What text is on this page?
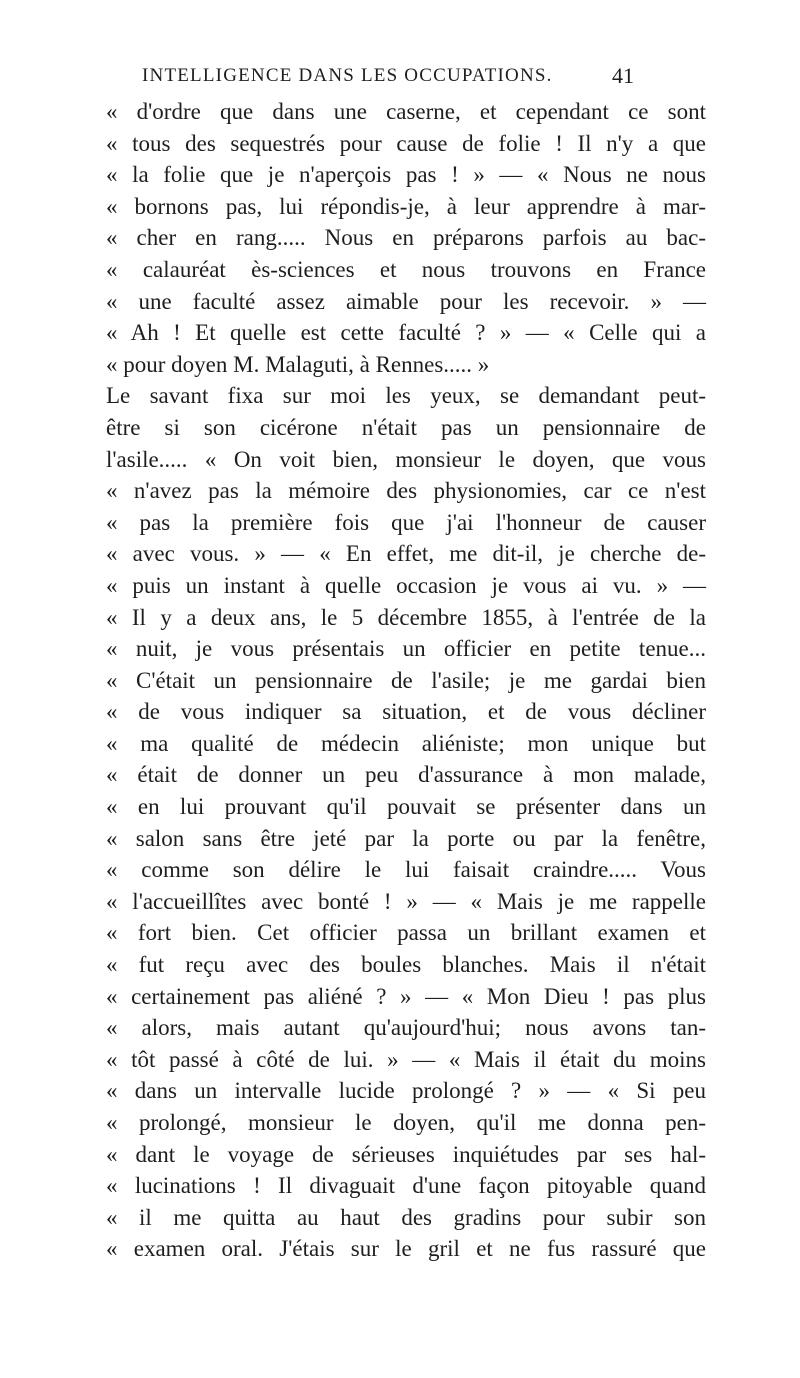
INTELLIGENCE DANS LES OCCUPATIONS.	41
« d'ordre que dans une caserne, et cependant ce sont
« tous des sequestrés pour cause de folie ! Il n'y a que
« la folie que je n'aperçois pas ! » — « Nous ne nous
« bornons pas, lui répondis-je, à leur apprendre à mar-
« cher en rang..... Nous en préparons parfois au bac-
« calauréat ès-sciences et nous trouvons en France
« une faculté assez aimable pour les recevoir. » —
« Ah ! Et quelle est cette faculté ? » — « Celle qui a
« pour doyen M. Malaguti, à Rennes..... »
Le savant fixa sur moi les yeux, se demandant peut-
être si son cicérone n'était pas un pensionnaire de
l'asile..... « On voit bien, monsieur le doyen, que vous
« n'avez pas la mémoire des physionomies, car ce n'est
« pas la première fois que j'ai l'honneur de causer
« avec vous. » — « En effet, me dit-il, je cherche de-
« puis un instant à quelle occasion je vous ai vu. » —
« Il y a deux ans, le 5 décembre 1855, à l'entrée de la
« nuit, je vous présentais un officier en petite tenue...
« C'était un pensionnaire de l'asile; je me gardai bien
« de vous indiquer sa situation, et de vous décliner
« ma qualité de médecin aliéniste; mon unique but
« était de donner un peu d'assurance à mon malade,
« en lui prouvant qu'il pouvait se présenter dans un
« salon sans être jeté par la porte ou par la fenêtre,
« comme son délire le lui faisait craindre..... Vous
« l'accueillîtes avec bonté ! » — « Mais je me rappelle
« fort bien. Cet officier passa un brillant examen et
« fut reçu avec des boules blanches. Mais il n'était
« certainement pas aliéné ? » — « Mon Dieu ! pas plus
« alors, mais autant qu'aujourd'hui; nous avons tan-
« tôt passé à côté de lui. » — « Mais il était du moins
« dans un intervalle lucide prolongé ? » — « Si peu
« prolongé, monsieur le doyen, qu'il me donna pen-
« dant le voyage de sérieuses inquiétudes par ses hal-
« lucinations ! Il divaguait d'une façon pitoyable quand
« il me quitta au haut des gradins pour subir son
« examen oral. J'étais sur le gril et ne fus rassuré que
